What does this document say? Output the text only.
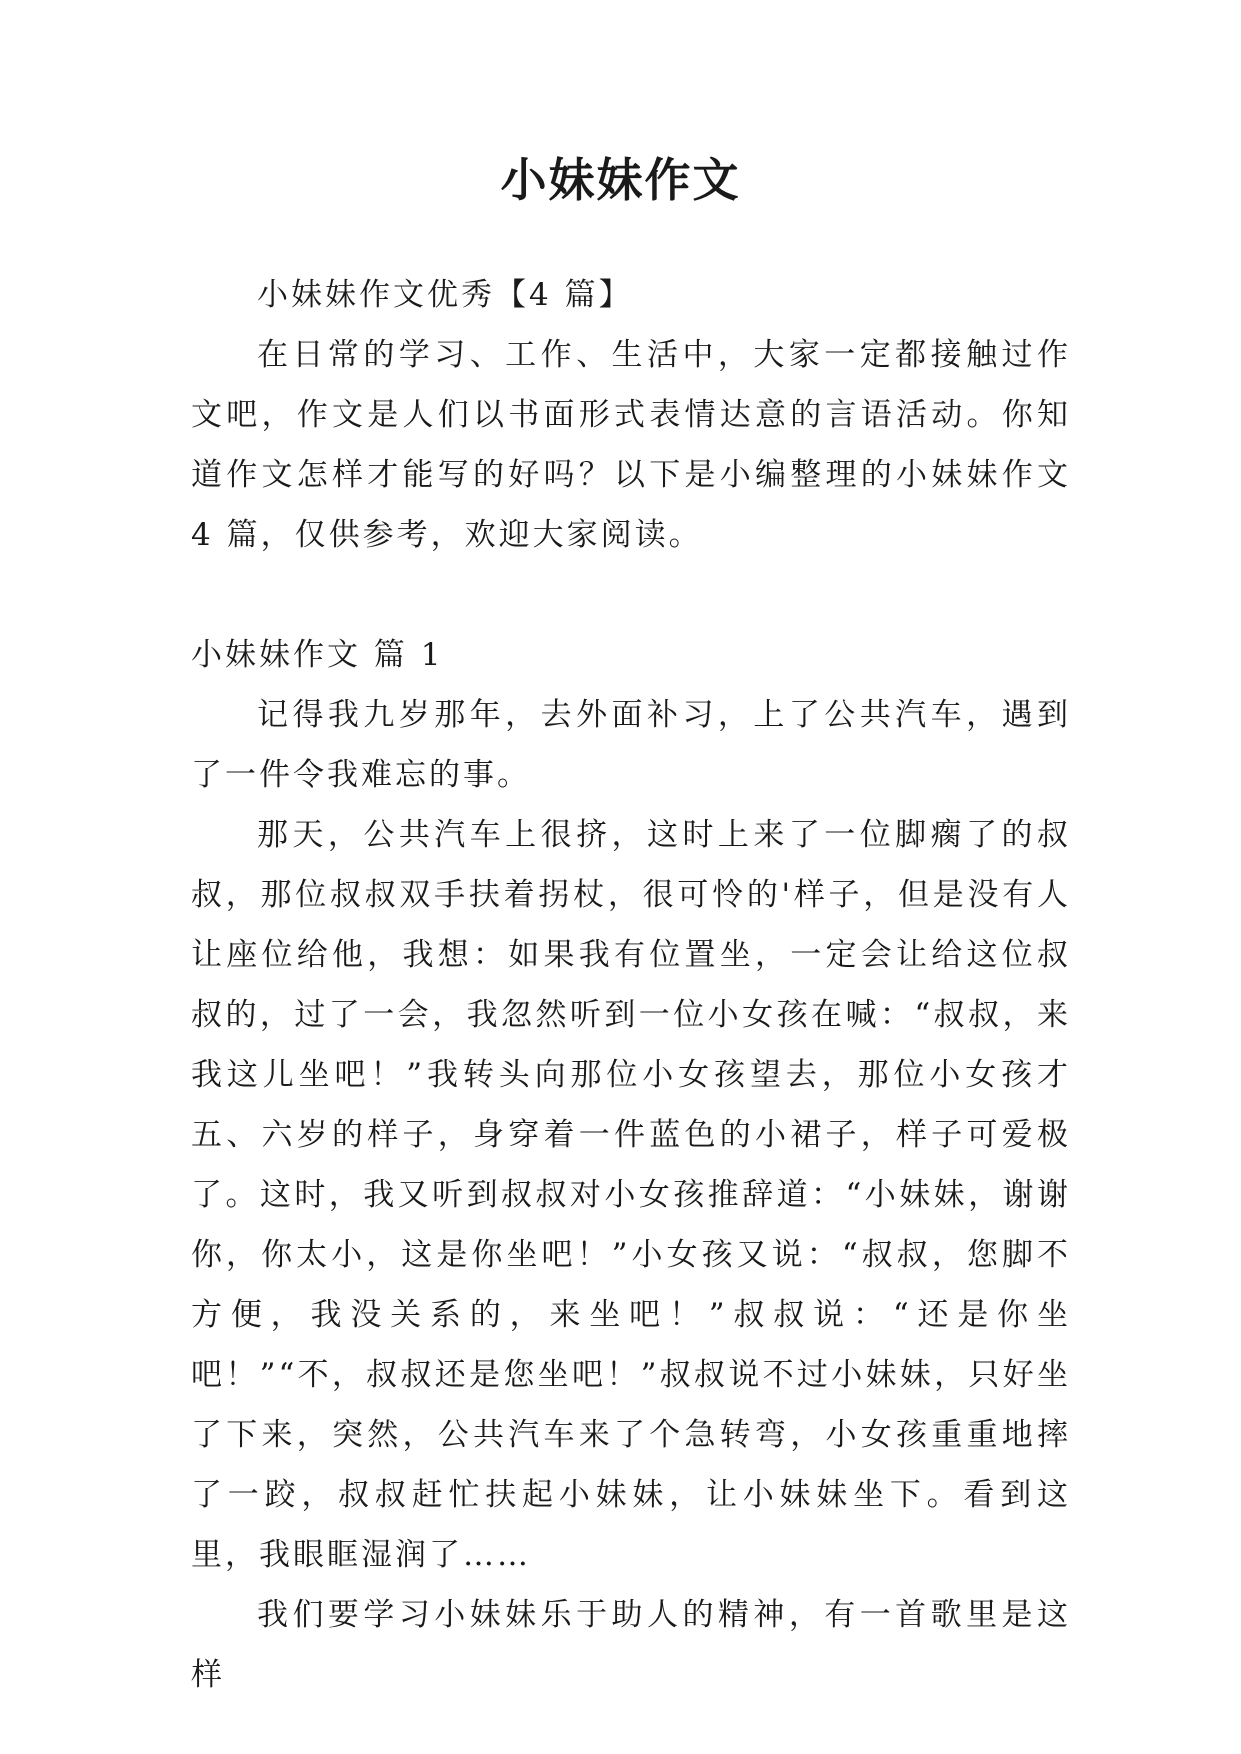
小妹妹作文

小妹妹作文优秀【4 篇】

在日常的学习、工作、生活中，大家一定都接触过作文吧，作文是人们以书面形式表情达意的言语活动。你知道作文怎样才能写的好吗？以下是小编整理的小妹妹作文 4 篇，仅供参考，欢迎大家阅读。

小妹妹作文 篇 1

记得我九岁那年，去外面补习，上了公共汽车，遇到了一件令我难忘的事。

那天，公共汽车上很挤，这时上来了一位脚瘸了的叔叔，那位叔叔双手扶着拐杖，很可怜的'样子，但是没有人让座位给他，我想：如果我有位置坐，一定会让给这位叔叔的，过了一会，我忽然听到一位小女孩在喊：“叔叔，来我这儿坐吧！”我转头向那位小女孩望去，那位小女孩才五、六岁的样子，身穿着一件蓝色的小裙子，样子可爱极了。这时，我又听到叔叔对小女孩推辞道：“小妹妹，谢谢你，你太小，这是你坐吧！”小女孩又说：“叔叔，您脚不方便，我没关系的，来坐吧！”叔叔说：“还是你坐吧！”“不，叔叔还是您坐吧！”叔叔说不过小妹妹，只好坐了下来，突然，公共汽车来了个急转弯，小女孩重重地摔了一跤，叔叔赶忙扶起小妹妹，让小妹妹坐下。看到这里，我眼眶湿润了……

我们要学习小妹妹乐于助人的精神，有一首歌里是这样
